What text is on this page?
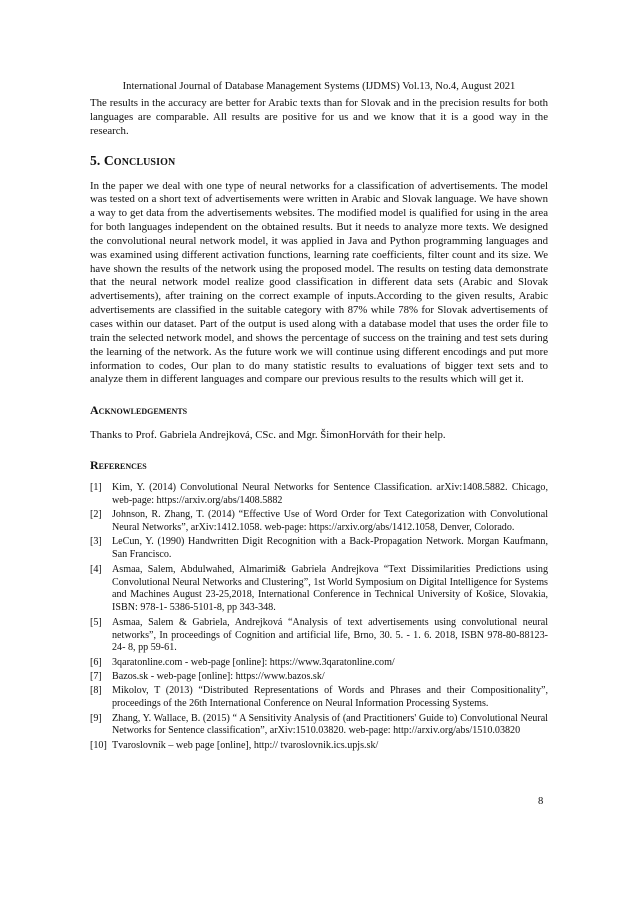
International Journal of Database Management Systems (IJDMS) Vol.13, No.4, August 2021

The results in the accuracy are better for Arabic texts than for Slovak and in the precision results for both languages are comparable. All results are positive for us and we know that it is a good way in the research.

5. Conclusion

In the paper we deal with one type of neural networks for a classification of advertisements. The model was tested on a short text of advertisements were written in Arabic and Slovak language. We have shown a way to get data from the advertisements websites. The modified model is qualified for using in the area for both languages independent on the obtained results. But it needs to analyze more texts. We designed the convolutional neural network model, it was applied in Java and Python programming languages and was examined using different activation functions, learning rate coefficients, filter count and its size. We have shown the results of the network using the proposed model. The results on testing data demonstrate that the neural network model realize good classification in different data sets (Arabic and Slovak advertisements), after training on the correct example of inputs.According to the given results, Arabic advertisements are classified in the suitable category with 87% while 78% for Slovak advertisements of cases within our dataset. Part of the output is used along with a database model that uses the order file to train the selected network model, and shows the percentage of success on the training and test sets during the learning of the network. As the future work we will continue using different encodings and put more information to codes, Our plan to do many statistic results to evaluations of bigger text sets and to analyze them in different languages and compare our previous results to the results which will get it.

Acknowledgements

Thanks to Prof. Gabriela Andrejková, CSc. and Mgr. ŠimonHorváth for their help.

References
[1]	Kim, Y. (2014) Convolutional Neural Networks for Sentence Classification. arXiv:1408.5882. Chicago, web-page: https://arxiv.org/abs/1408.5882
[2]	Johnson, R. Zhang, T. (2014) “Effective Use of Word Order for Text Categorization with Convolutional Neural Networks”, arXiv:1412.1058. web-page: https://arxiv.org/abs/1412.1058, Denver, Colorado.
[3]	LeCun, Y. (1990) Handwritten Digit Recognition with a Back-Propagation Network. Morgan Kaufmann, San Francisco.
[4]	Asmaa, Salem, Abdulwahed, Almarimi& Gabriela Andrejkova “Text Dissimilarities Predictions using Convolutional Neural Networks and Clustering”, 1st World Symposium on Digital Intelligence for Systems and Machines August 23-25,2018, International Conference in Technical University of Košice, Slovakia, ISBN: 978-1- 5386-5101-8, pp 343-348.
[5]	Asmaa, Salem & Gabriela, Andrejková “Analysis of text advertisements using convolutional neural networks”, In proceedings of Cognition and artificial life, Brno, 30. 5. - 1. 6. 2018, ISBN 978-80-88123-24- 8, pp 59-61.
[6]	3qaratonline.com - web-page [online]: https://www.3qaratonline.com/
[7]	Bazos.sk - web-page [online]: https://www.bazos.sk/
[8]	Mikolov, T (2013) “Distributed Representations of Words and Phrases and their Compositionality”, proceedings of the 26th International Conference on Neural Information Processing Systems.
[9]	Zhang, Y. Wallace, B. (2015) “ A Sensitivity Analysis of (and Practitioners' Guide to) Convolutional Neural Networks for Sentence classification”, arXiv:1510.03820. web-page: http://arxiv.org/abs/1510.03820
[10] Tvaroslovník – web page [online], http:// tvaroslovnik.ics.upjs.sk/
8
